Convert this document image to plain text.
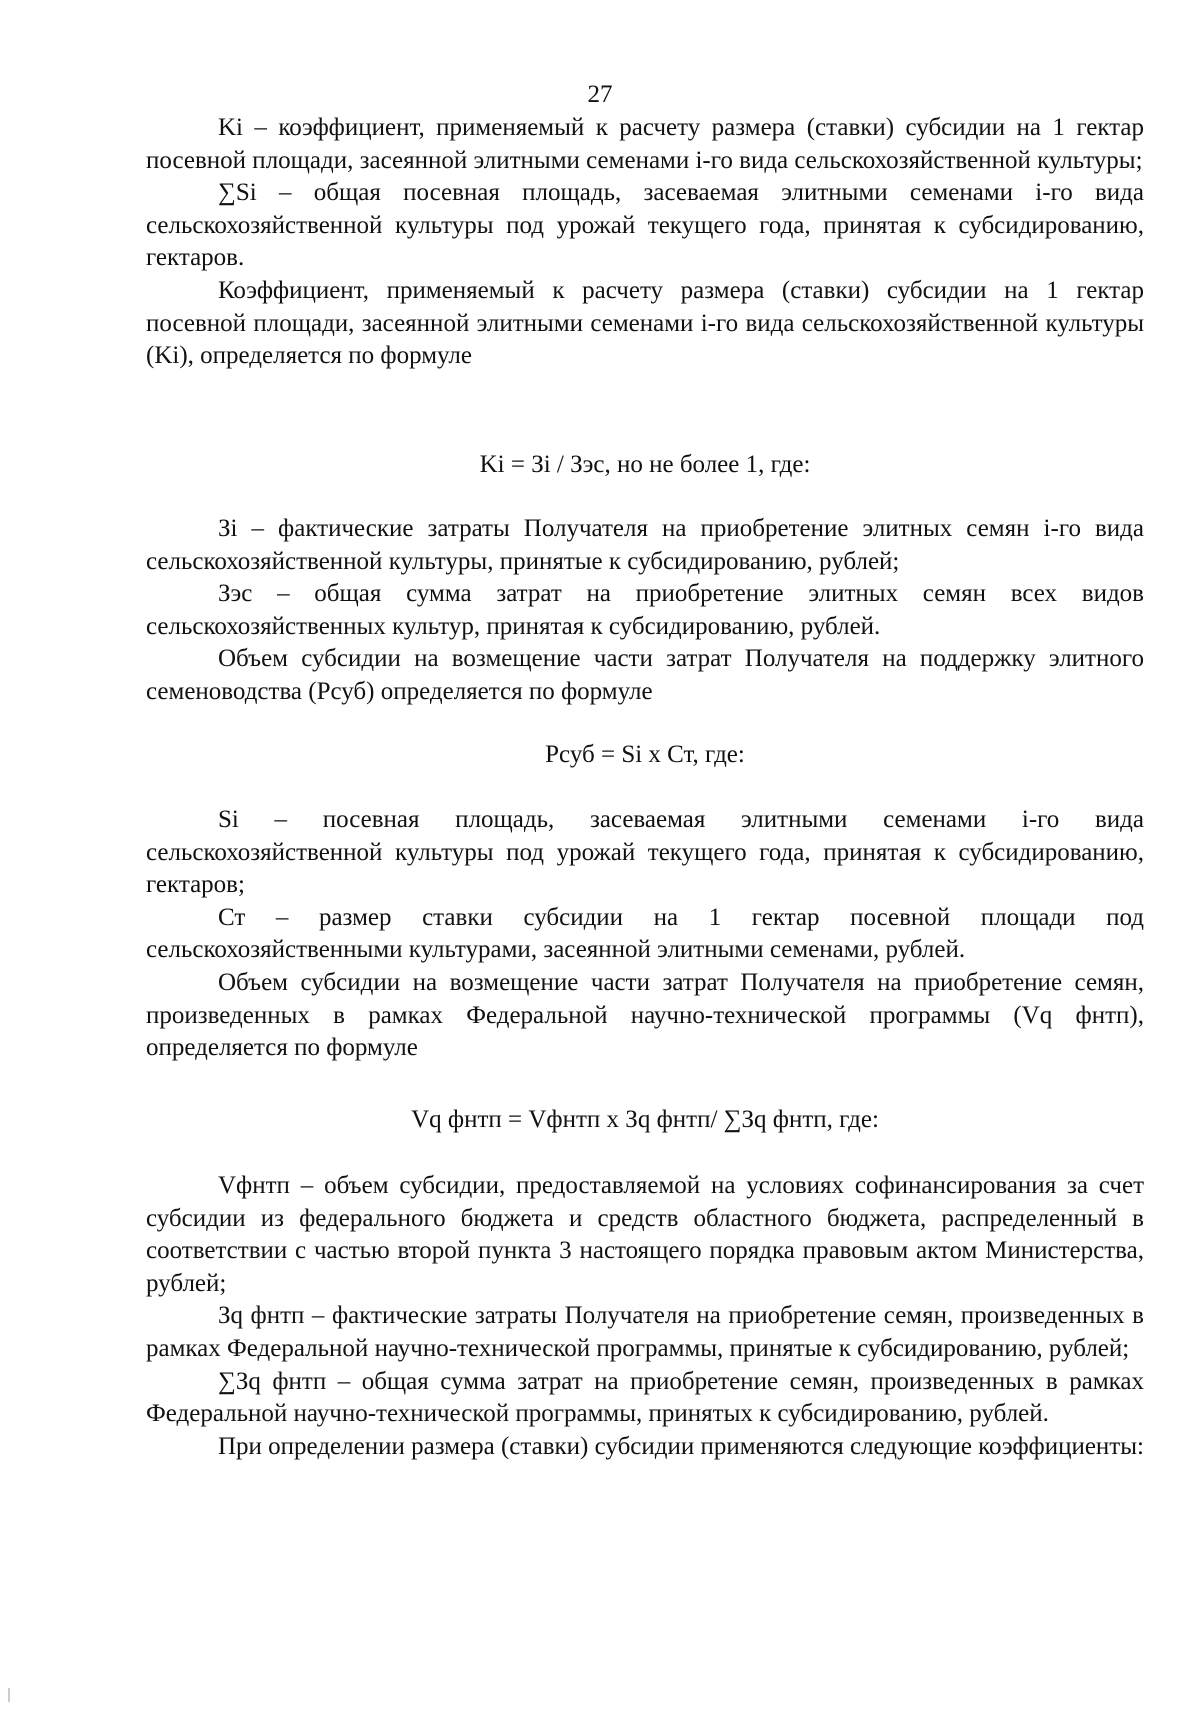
27

Ki – коэффициент, применяемый к расчету размера (ставки) субсидии на 1 гектар посевной площади, засеянной элитными семенами i-го вида сельскохозяйственной культуры;

∑Si – общая посевная площадь, засеваемая элитными семенами i-го вида сельскохозяйственной культуры под урожай текущего года, принятая к субсидированию, гектаров.

Коэффициент, применяемый к расчету размера (ставки) субсидии на 1 гектар посевной площади, засеянной элитными семенами i-го вида сельскохозяйственной культуры (Ki), определяется по формуле

Ki = Зi / Зэс, но не более 1, где:

Зi – фактические затраты Получателя на приобретение элитных семян i-го вида сельскохозяйственной культуры, принятые к субсидированию, рублей;

Зэс – общая сумма затрат на приобретение элитных семян всех видов сельскохозяйственных культур, принятая к субсидированию, рублей.

Объем субсидии на возмещение части затрат Получателя на поддержку элитного семеноводства (Рсуб) определяется по формуле

Рсуб = Si x Ст, где:

Si – посевная площадь, засеваемая элитными семенами i-го вида сельскохозяйственной культуры под урожай текущего года, принятая к субсидированию, гектаров;

Ст – размер ставки субсидии на 1 гектар посевной площади под сельскохозяйственными культурами, засеянной элитными семенами, рублей.

Объем субсидии на возмещение части затрат Получателя на приобретение семян, произведенных в рамках Федеральной научно-технической программы (Vq фнтп), определяется по формуле

Vq фнтп = Vфнтп x Зq фнтп/ ∑Зq фнтп, где:

Vфнтп – объем субсидии, предоставляемой на условиях софинансирования за счет субсидии из федерального бюджета и средств областного бюджета, распределенный в соответствии с частью второй пункта 3 настоящего порядка правовым актом Министерства, рублей;

Зq фнтп – фактические затраты Получателя на приобретение семян, произведенных в рамках Федеральной научно-технической программы, принятые к субсидированию, рублей;

∑Зq фнтп – общая сумма затрат на приобретение семян, произведенных в рамках Федеральной научно-технической программы, принятых к субсидированию, рублей.

При определении размера (ставки) субсидии применяются следующие коэффициенты:
